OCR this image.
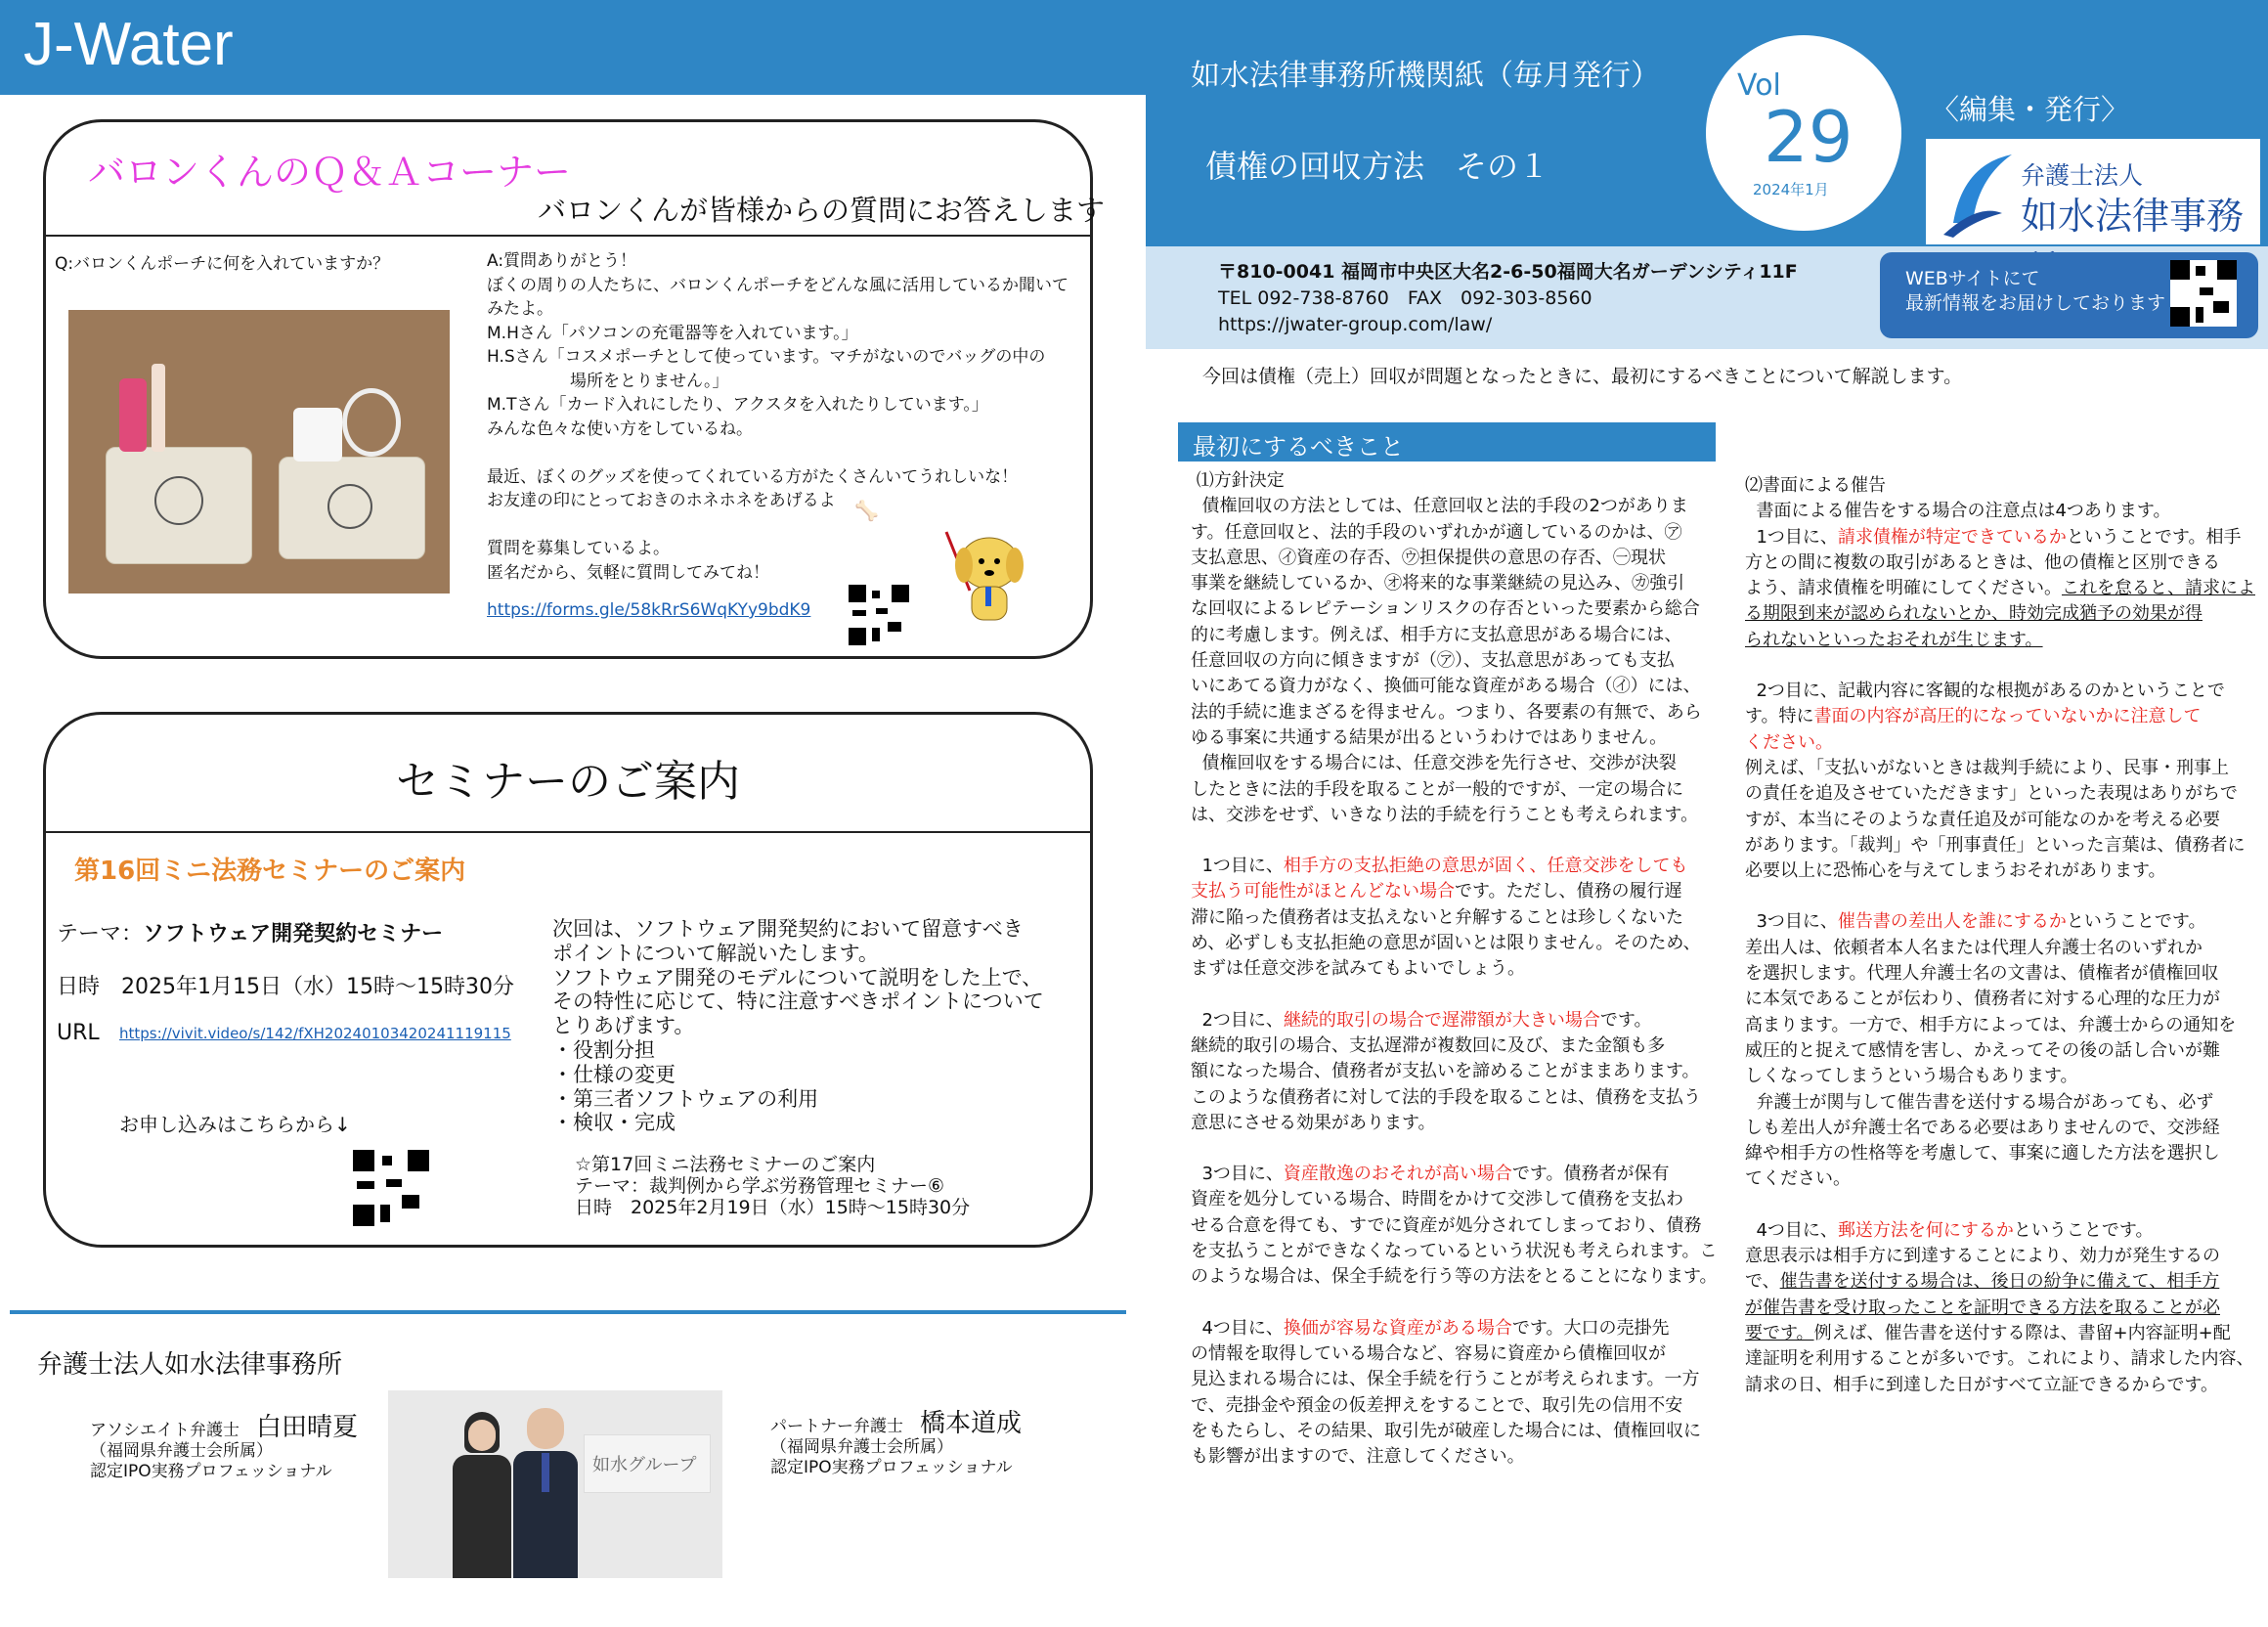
J-Water
バロンくんのＱ＆Ａコーナー
バロンくんが皆様からの質問にお答えします
Q:バロンくんポーチに何を入れていますか？	A:質問ありがとう！
ぼくの周りの人たちに、バロンくんポーチをどんな風に活用しているか聞いて
みたよ。
M.Hさん「パソコンの充電器等を入れています。」
H.Sさん「コスメポーチとして使っています。マチがないのでバッグの中の
　　　　　場所をとりません。」
M.Tさん「カード入れにしたり、アクスタを入れたりしています。」
みんな色々な使い方をしているね。

最近、ぼくのグッズを使ってくれている方がたくさんいてうれしいな！
お友達の印にとっておきのホネホネをあげるよ

質問を募集しているよ。
匿名だから、気軽に質問してみてね！
🦴
https://forms.gle/58kRrS6WqKYy9bdK9
セミナーのご案内
第16回ミニ法務セミナーのご案内
テーマ：ソフトウェア開発契約セミナー
日時　2025年1月15日（水）15時～15時30分
URL https://vivit.video/s/142/fXH20240103420241119115
お申し込みはこちらから↓
次回は、ソフトウェア開発契約において留意すべき
ポイントについて解説いたします。
ソフトウェア開発のモデルについて説明をした上で、
その特性に応じて、特に注意すべきポイントについて
とりあげます。
・役割分担
・仕様の変更
・第三者ソフトウェアの利用
・検収・完成
☆第17回ミニ法務セミナーのご案内
テーマ：裁判例から学ぶ労務管理セミナー⑥
日時　2025年2月19日（水）15時～15時30分
弁護士法人如水法律事務所
アソシエイト弁護士　 白田晴夏
（福岡県弁護士会所属）
認定IPO実務プロフェッショナル	如水グループ
パートナー弁護士　 橋本道成
（福岡県弁護士会所属）
認定IPO実務プロフェッショナル
如水法律事務所機関紙（毎月発行）
債権の回収方法　その１
Vol
29
2024年1月
〈編集・発行〉
弁護士法人
如水法律事務
〒810-0041 福岡市中央区大名2-6-50福岡大名ガーデンシティ11F
TEL 092-738-8760　FAX　092-303-8560
https://jwater-group.com/law/
WEBサイトにて
最新情報をお届けしております
今回は債権（売上）回収が問題となったときに、最初にするべきことについて解説します。
最初にするべきこと
⑴方針決定
債権回収の方法としては、任意回収と法的手段の2つがありま
す。任意回収と、法的手段のいずれかが適しているのかは、㋐
支払意思、㋑資産の存否、㋒担保提供の意思の存否、㊀現状
事業を継続しているか、㋔将来的な事業継続の見込み、㋕強引
な回収によるレピテーションリスクの存否といった要素から総合
的に考慮します。例えば、相手方に支払意思がある場合には、
任意回収の方向に傾きますが（㋐）、支払意思があっても支払
いにあてる資力がなく、換価可能な資産がある場合（㋑）には、
法的手続に進まざるを得ません。つまり、各要素の有無で、あら
ゆる事案に共通する結果が出るというわけではありません。
債権回収をする場合には、任意交渉を先行させ、交渉が決裂
したときに法的手段を取ることが一般的ですが、一定の場合に
は、交渉をせず、いきなり法的手続を行うことも考えられます。
1つ目に、相手方の支払拒絶の意思が固く、任意交渉をしても
支払う可能性がほとんどない場合です。ただし、債務の履行遅
滞に陥った債務者は支払えないと弁解することは珍しくないた
め、必ずしも支払拒絶の意思が固いとは限りません。そのため、
まずは任意交渉を試みてもよいでしょう。
2つ目に、継続的取引の場合で遅滞額が大きい場合です。
継続的取引の場合、支払遅滞が複数回に及び、また金額も多
額になった場合、債務者が支払いを諦めることがままあります。
このような債務者に対して法的手段を取ることは、債務を支払う
意思にさせる効果があります。
3つ目に、資産散逸のおそれが高い場合です。債務者が保有
資産を処分している場合、時間をかけて交渉して債務を支払わ
せる合意を得ても、すでに資産が処分されてしまっており、債務
を支払うことができなくなっているという状況も考えられます。こ
のような場合は、保全手続を行う等の方法をとることになります。
4つ目に、換価が容易な資産がある場合です。大口の売掛先
の情報を取得している場合など、容易に資産から債権回収が
見込まれる場合には、保全手続を行うことが考えられます。一方
で、売掛金や預金の仮差押えをすることで、取引先の信用不安
をもたらし、その結果、取引先が破産した場合には、債権回収に
も影響が出ますので、注意してください。
⑵書面による催告
書面による催告をする場合の注意点は4つあります。
1つ目に、請求債権が特定できているかということです。相手
方との間に複数の取引があるときは、他の債権と区別できる
よう、請求債権を明確にしてください。これを怠ると、請求によ
る期限到来が認められないとか、時効完成猶予の効果が得
られないといったおそれが生じます。
2つ目に、記載内容に客観的な根拠があるのかということで
す。特に書面の内容が高圧的になっていないかに注意して
ください。
例えば、「支払いがないときは裁判手続により、民事・刑事上
の責任を追及させていただきます」といった表現はありがちで
すが、本当にそのような責任追及が可能なのかを考える必要
があります。「裁判」や「刑事責任」といった言葉は、債務者に
必要以上に恐怖心を与えてしまうおそれがあります。
3つ目に、催告書の差出人を誰にするかということです。
差出人は、依頼者本人名または代理人弁護士名のいずれか
を選択します。代理人弁護士名の文書は、債権者が債権回収
に本気であることが伝わり、債務者に対する心理的な圧力が
高まります。一方で、相手方によっては、弁護士からの通知を
威圧的と捉えて感情を害し、かえってその後の話し合いが難
しくなってしまうという場合もあります。
弁護士が関与して催告書を送付する場合があっても、必ず
しも差出人が弁護士名である必要はありませんので、交渉経
緯や相手方の性格等を考慮して、事案に適した方法を選択し
てください。
4つ目に、郵送方法を何にするかということです。
意思表示は相手方に到達することにより、効力が発生するの
で、催告書を送付する場合は、後日の紛争に備えて、相手方
が催告書を受け取ったことを証明できる方法を取ることが必
要です。例えば、催告書を送付する際は、書留+内容証明+配
達証明を利用することが多いです。これにより、請求した内容、
請求の日、相手に到達した日がすべて立証できるからです。
